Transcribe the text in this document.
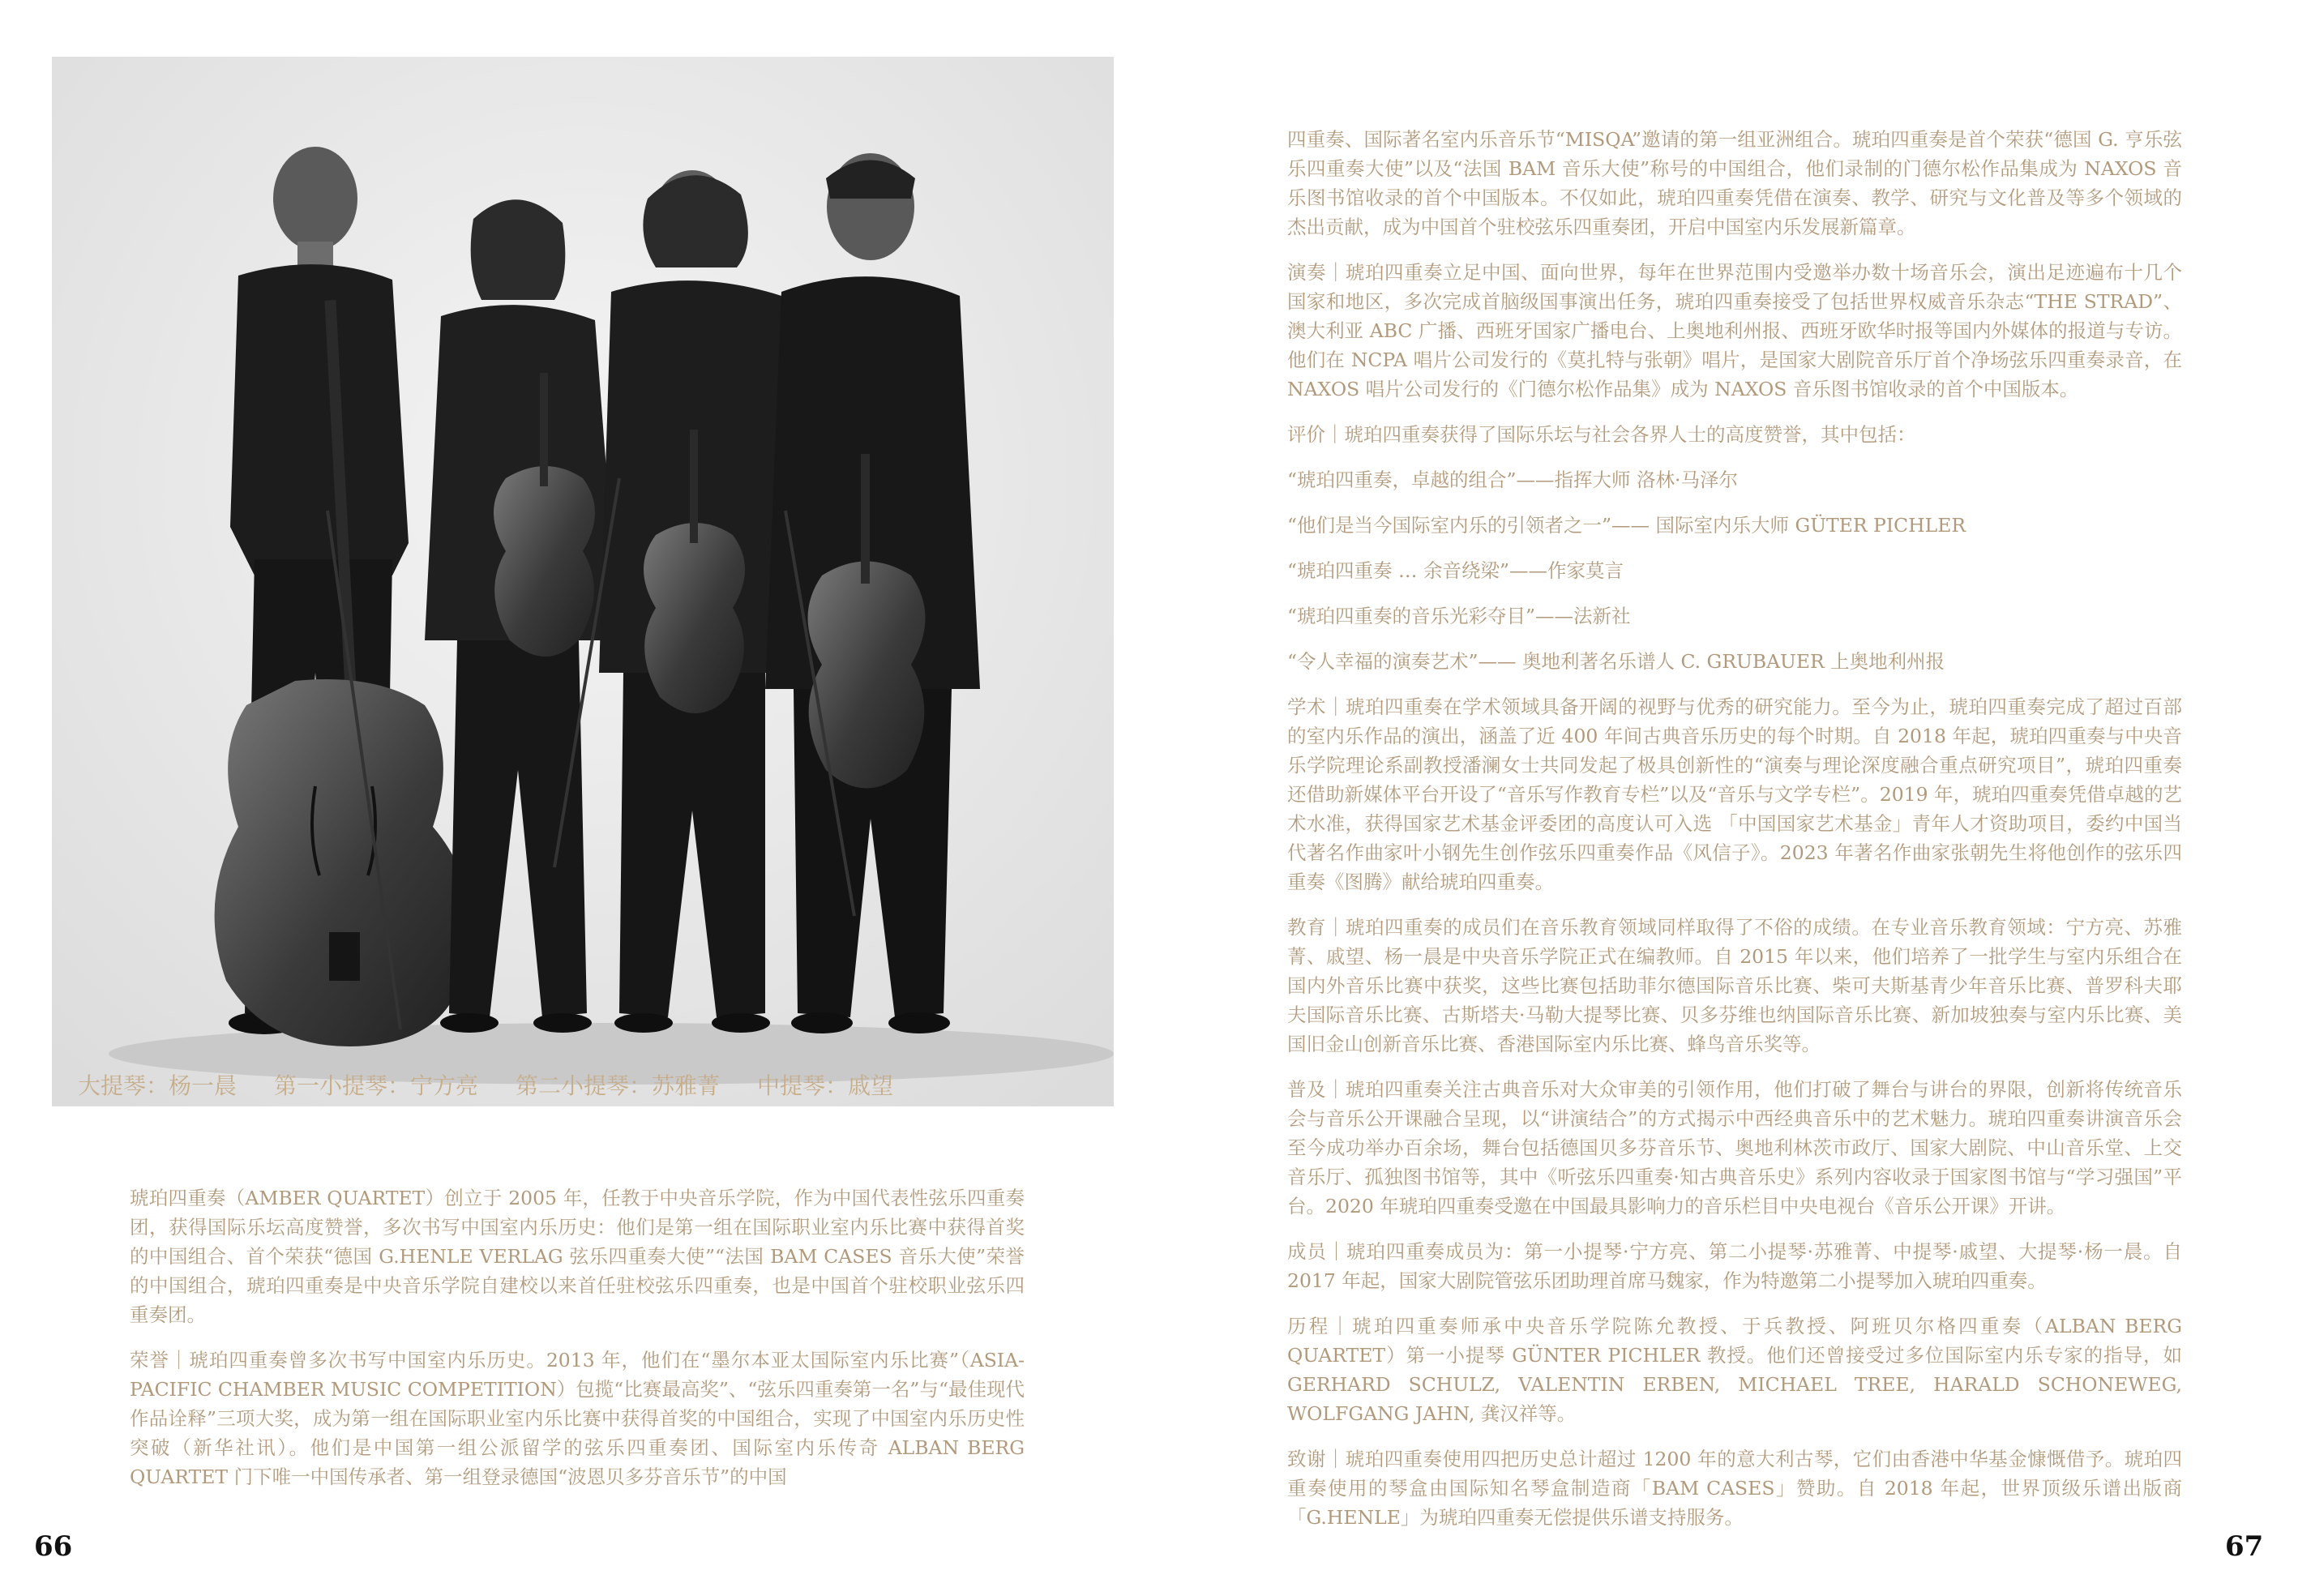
大提琴：杨一晨 第一小提琴：宁方亮 第二小提琴：苏雅菁 中提琴：戚望

琥珀四重奏（AMBER QUARTET）创立于 2005 年，任教于中央音乐学院，作为中国代表性弦乐四重奏团，获得国际乐坛高度赞誉，多次书写中国室内乐历史：他们是第一组在国际职业室内乐比赛中获得首奖的中国组合、首个荣获“德国 G.HENLE VERLAG 弦乐四重奏大使”“法国 BAM CASES 音乐大使”荣誉的中国组合，琥珀四重奏是中央音乐学院自建校以来首任驻校弦乐四重奏，也是中国首个驻校职业弦乐四重奏团。

荣誉｜琥珀四重奏曾多次书写中国室内乐历史。2013 年，他们在“墨尔本亚太国际室内乐比赛”（ASIA-PACIFIC CHAMBER MUSIC COMPETITION）包揽“比赛最高奖”、“弦乐四重奏第一名”与“最佳现代作品诠释”三项大奖，成为第一组在国际职业室内乐比赛中获得首奖的中国组合，实现了中国室内乐历史性突破（新华社讯）。他们是中国第一组公派留学的弦乐四重奏团、国际室内乐传奇 ALBAN BERG QUARTET 门下唯一中国传承者、第一组登录德国“波恩贝多芬音乐节”的中国

四重奏、国际著名室内乐音乐节“MISQA”邀请的第一组亚洲组合。琥珀四重奏是首个荣获“德国 G. 亨乐弦乐四重奏大使”以及“法国 BAM 音乐大使”称号的中国组合，他们录制的门德尔松作品集成为 NAXOS 音乐图书馆收录的首个中国版本。不仅如此，琥珀四重奏凭借在演奏、教学、研究与文化普及等多个领域的杰出贡献，成为中国首个驻校弦乐四重奏团，开启中国室内乐发展新篇章。

演奏｜琥珀四重奏立足中国、面向世界，每年在世界范围内受邀举办数十场音乐会，演出足迹遍布十几个国家和地区，多次完成首脑级国事演出任务，琥珀四重奏接受了包括世界权威音乐杂志“THE STRAD”、澳大利亚 ABC 广播、西班牙国家广播电台、上奥地利州报、西班牙欧华时报等国内外媒体的报道与专访。他们在 NCPA 唱片公司发行的《莫扎特与张朝》唱片，是国家大剧院音乐厅首个净场弦乐四重奏录音，在 NAXOS 唱片公司发行的《门德尔松作品集》成为 NAXOS 音乐图书馆收录的首个中国版本。

评价｜琥珀四重奏获得了国际乐坛与社会各界人士的高度赞誉，其中包括：

“琥珀四重奏，卓越的组合”——指挥大师 洛林·马泽尔

“他们是当今国际室内乐的引领者之一”—— 国际室内乐大师 GÜTER PICHLER

“琥珀四重奏 … 余音绕梁”——作家莫言

“琥珀四重奏的音乐光彩夺目”——法新社

“令人幸福的演奏艺术”—— 奥地利著名乐谱人 C. GRUBAUER 上奥地利州报

学术｜琥珀四重奏在学术领域具备开阔的视野与优秀的研究能力。至今为止，琥珀四重奏完成了超过百部的室内乐作品的演出，涵盖了近 400 年间古典音乐历史的每个时期。自 2018 年起，琥珀四重奏与中央音乐学院理论系副教授潘澜女士共同发起了极具创新性的“演奏与理论深度融合重点研究项目”，琥珀四重奏还借助新媒体平台开设了“音乐写作教育专栏”以及“音乐与文学专栏”。2019 年，琥珀四重奏凭借卓越的艺术水准，获得国家艺术基金评委团的高度认可入选 「中国国家艺术基金」青年人才资助项目，委约中国当代著名作曲家叶小钢先生创作弦乐四重奏作品《风信子》。2023 年著名作曲家张朝先生将他创作的弦乐四重奏《图腾》献给琥珀四重奏。

教育｜琥珀四重奏的成员们在音乐教育领域同样取得了不俗的成绩。在专业音乐教育领域：宁方亮、苏雅菁、戚望、杨一晨是中央音乐学院正式在编教师。自 2015 年以来，他们培养了一批学生与室内乐组合在国内外音乐比赛中获奖，这些比赛包括助菲尔德国际音乐比赛、柴可夫斯基青少年音乐比赛、普罗科夫耶夫国际音乐比赛、古斯塔夫·马勒大提琴比赛、贝多芬维也纳国际音乐比赛、新加坡独奏与室内乐比赛、美国旧金山创新音乐比赛、香港国际室内乐比赛、蜂鸟音乐奖等。

普及｜琥珀四重奏关注古典音乐对大众审美的引领作用，他们打破了舞台与讲台的界限，创新将传统音乐会与音乐公开课融合呈现，以“讲演结合”的方式揭示中西经典音乐中的艺术魅力。琥珀四重奏讲演音乐会至今成功举办百余场，舞台包括德国贝多芬音乐节、奥地利林茨市政厅、国家大剧院、中山音乐堂、上交音乐厅、孤独图书馆等，其中《听弦乐四重奏·知古典音乐史》系列内容收录于国家图书馆与“学习强国”平台。2020 年琥珀四重奏受邀在中国最具影响力的音乐栏目中央电视台《音乐公开课》开讲。

成员｜琥珀四重奏成员为：第一小提琴·宁方亮、第二小提琴·苏雅菁、中提琴·戚望、大提琴·杨一晨。自 2017 年起，国家大剧院管弦乐团助理首席马魏家，作为特邀第二小提琴加入琥珀四重奏。

历程｜琥珀四重奏师承中央音乐学院陈允教授、于兵教授、阿班贝尔格四重奏（ALBAN BERG QUARTET）第一小提琴 GÜNTER PICHLER 教授。他们还曾接受过多位国际室内乐专家的指导，如 GERHARD SCHULZ, VALENTIN ERBEN, MICHAEL TREE, HARALD SCHONEWEG, WOLFGANG JAHN, 龚汉祥等。

致谢｜琥珀四重奏使用四把历史总计超过 1200 年的意大利古琴，它们由香港中华基金慷慨借予。琥珀四重奏使用的琴盒由国际知名琴盒制造商「BAM CASES」赞助。自 2018 年起，世界顶级乐谱出版商「G.HENLE」为琥珀四重奏无偿提供乐谱支持服务。

66	67
